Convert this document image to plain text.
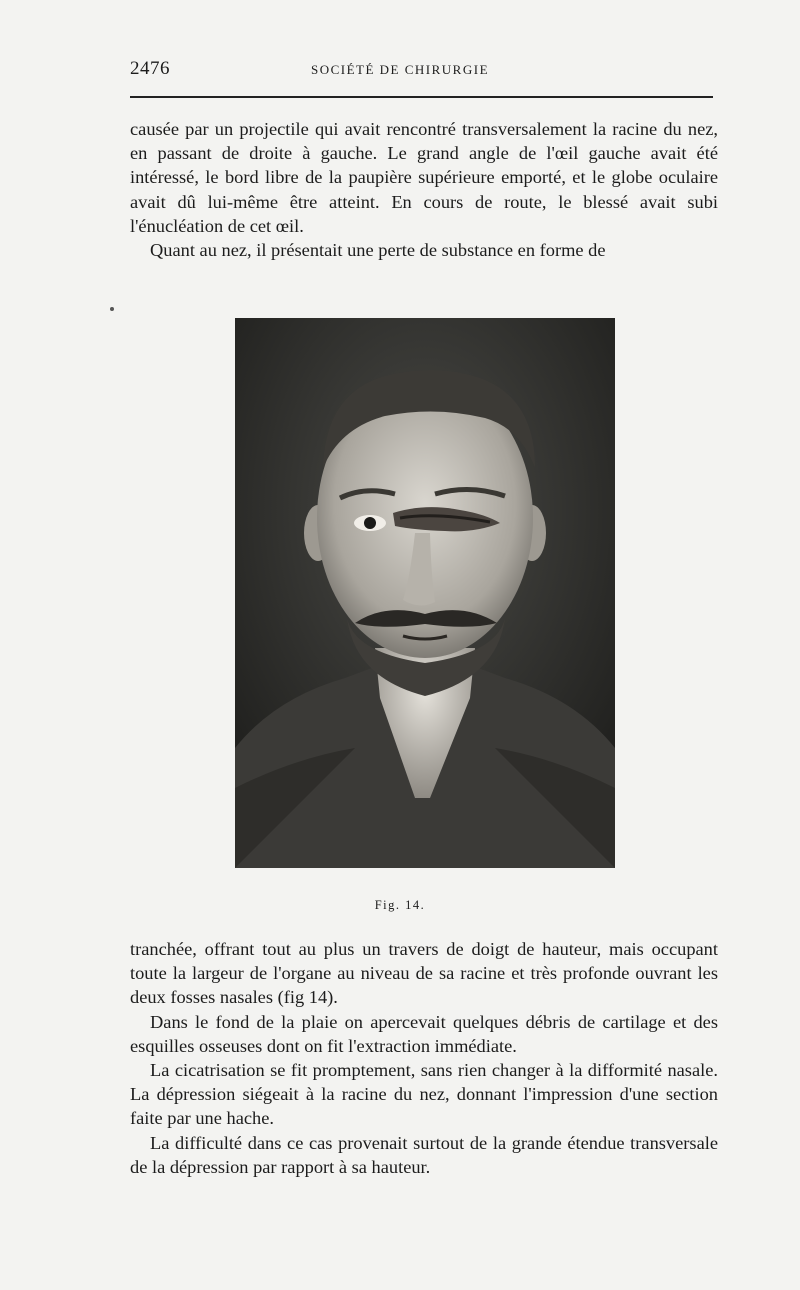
2476	SOCIÉTÉ DE CHIRURGIE

causée par un projectile qui avait rencontré transversalement la racine du nez, en passant de droite à gauche. Le grand angle de l'œil gauche avait été intéressé, le bord libre de la paupière supérieure emporté, et le globe oculaire avait dû lui-même être atteint. En cours de route, le blessé avait subi l'énucléation de cet œil.

Quant au nez, il présentait une perte de substance en forme de

Fig. 14.

tranchée, offrant tout au plus un travers de doigt de hauteur, mais occupant toute la largeur de l'organe au niveau de sa racine et très profonde ouvrant les deux fosses nasales (fig 14).

Dans le fond de la plaie on apercevait quelques débris de cartilage et des esquilles osseuses dont on fit l'extraction immédiate.

La cicatrisation se fit promptement, sans rien changer à la difformité nasale. La dépression siégeait à la racine du nez, donnant l'impression d'une section faite par une hache.

La difficulté dans ce cas provenait surtout de la grande étendue transversale de la dépression par rapport à sa hauteur.
